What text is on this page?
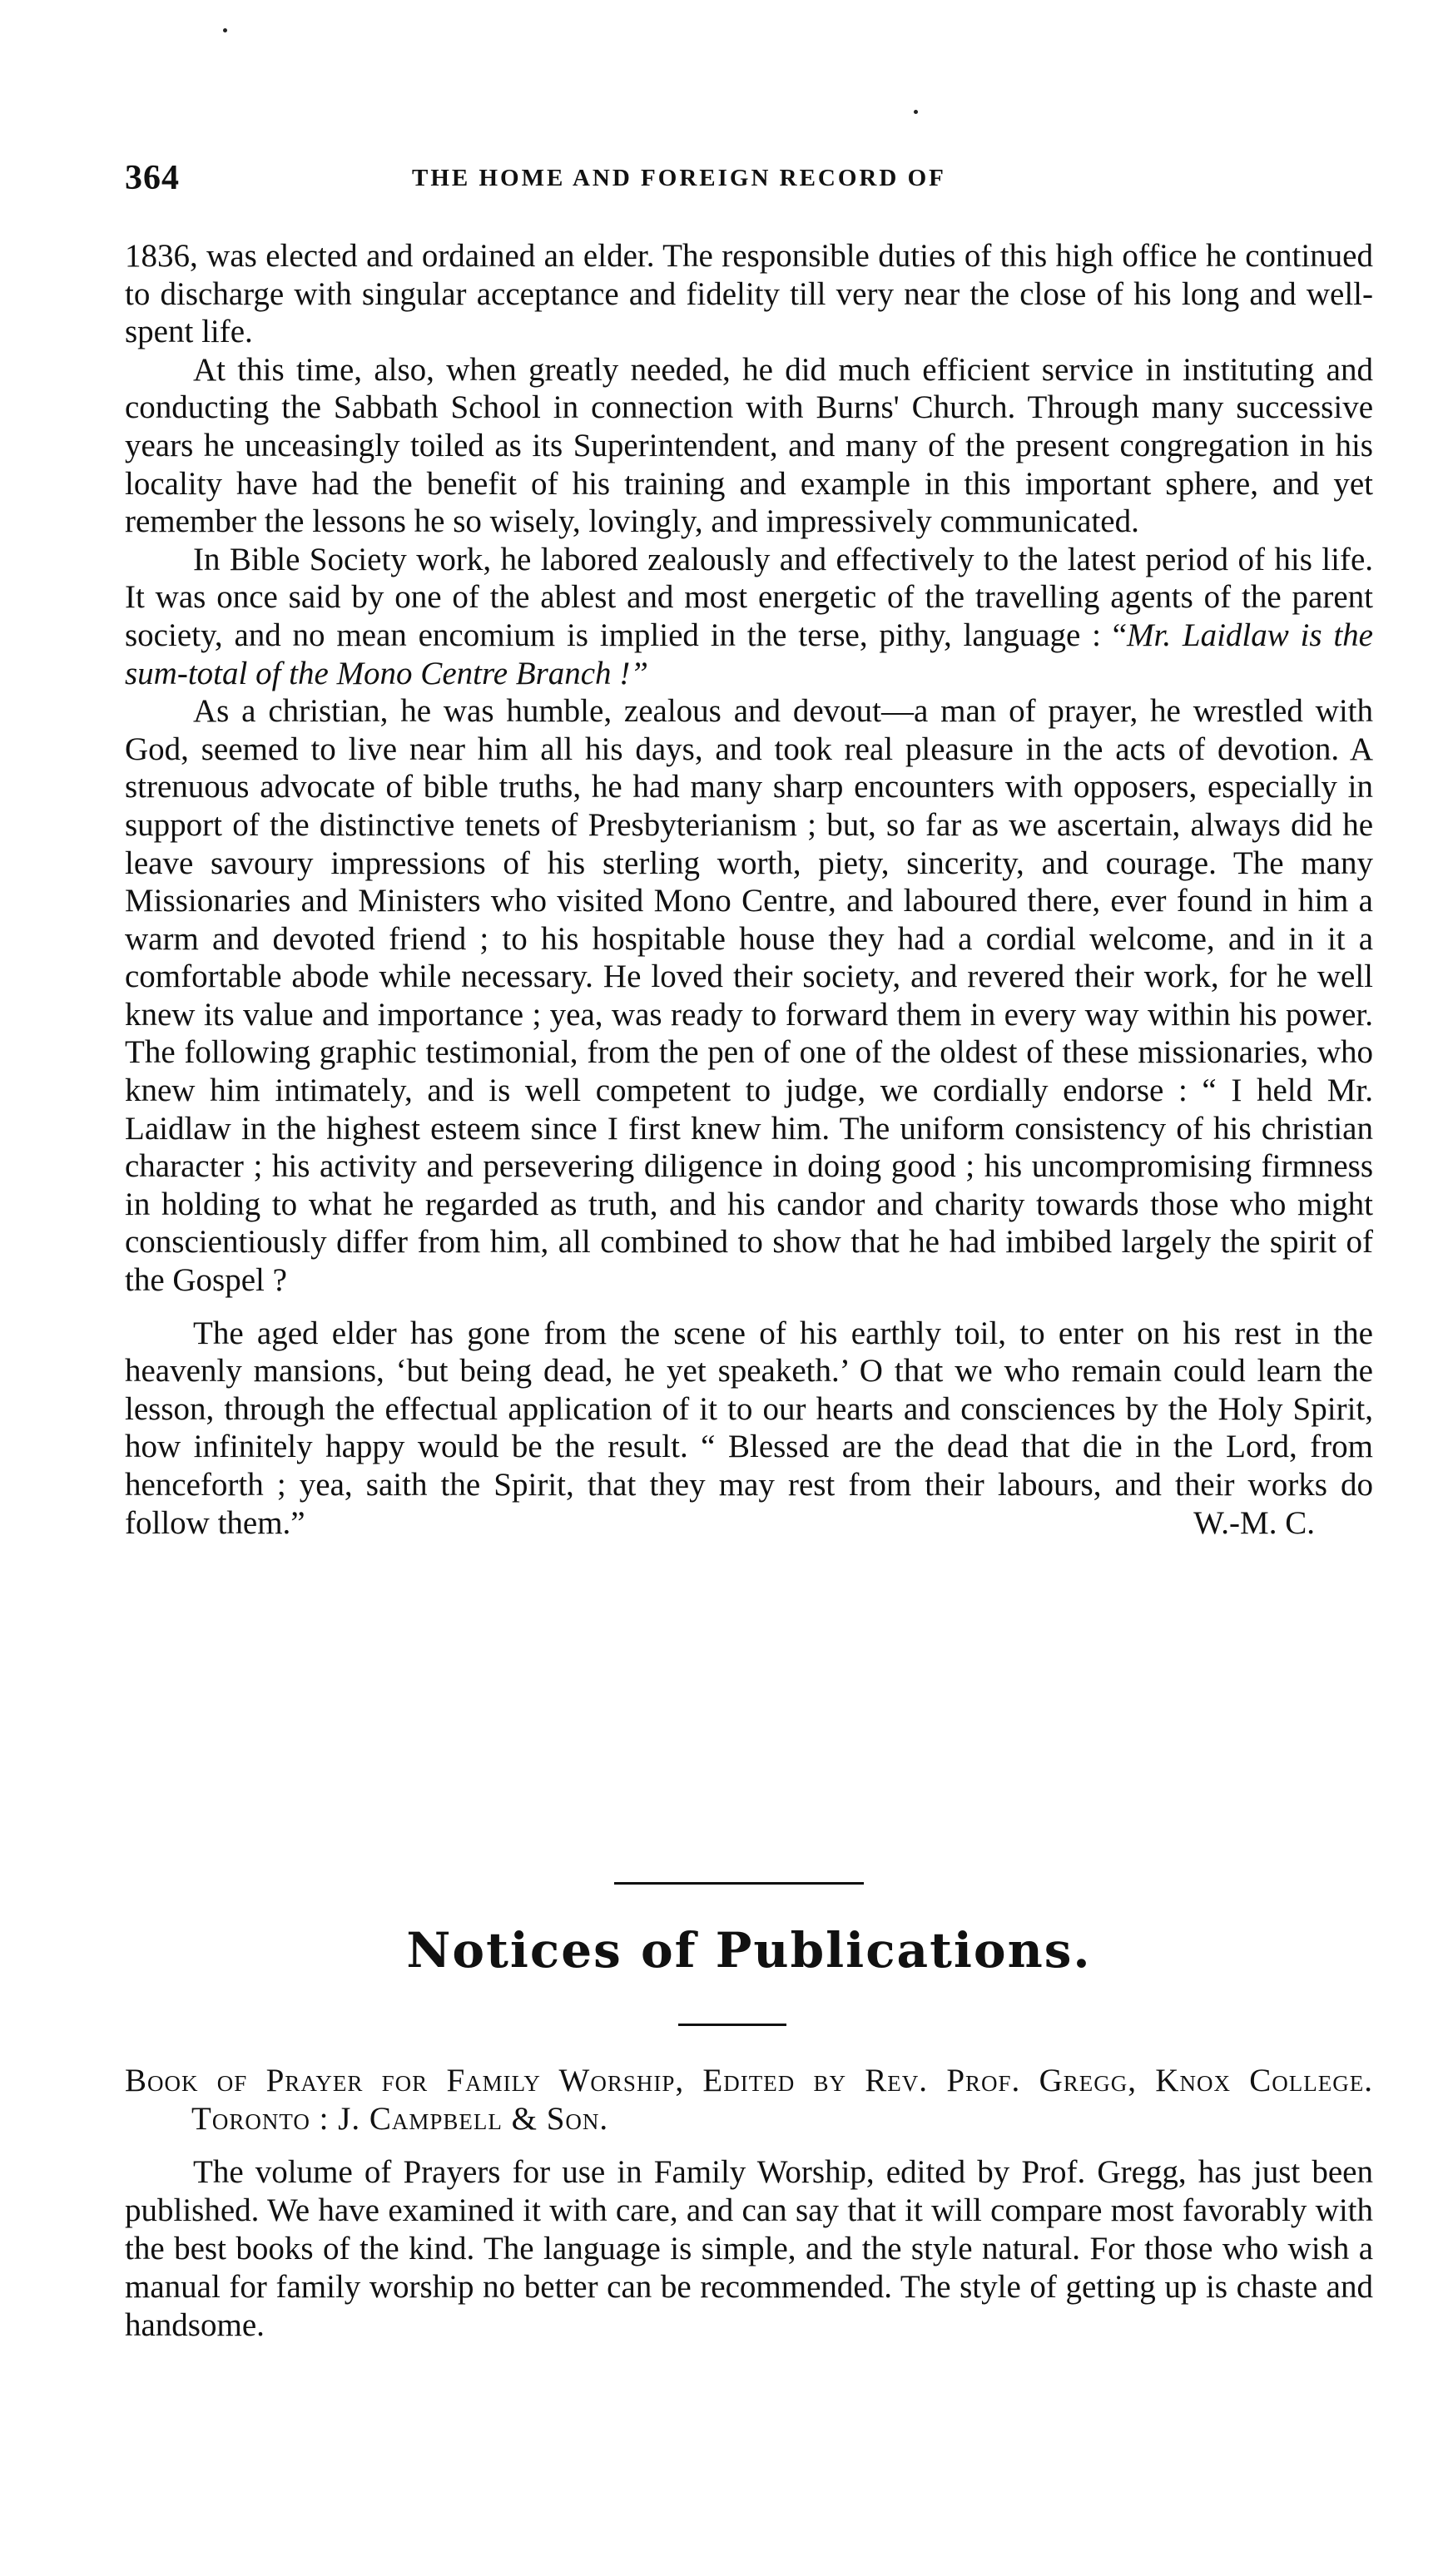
364	THE HOME AND FOREIGN RECORD OF

1836, was elected and ordained an elder. The responsible duties of this high office he continued to discharge with singular acceptance and fidelity till very near the close of his long and well-spent life.

At this time, also, when greatly needed, he did much efficient service in instituting and conducting the Sabbath School in connection with Burns' Church. Through many successive years he unceasingly toiled as its Superintendent, and many of the present congregation in his locality have had the benefit of his training and example in this important sphere, and yet remember the lessons he so wisely, lovingly, and impressively communicated.

In Bible Society work, he labored zealously and effectively to the latest period of his life. It was once said by one of the ablest and most energetic of the travelling agents of the parent society, and no mean encomium is implied in the terse, pithy, language : “Mr. Laidlaw is the sum-total of the Mono Centre Branch !”

As a christian, he was humble, zealous and devout—a man of prayer, he wrestled with God, seemed to live near him all his days, and took real pleasure in the acts of devotion. A strenuous advocate of bible truths, he had many sharp encounters with opposers, especially in support of the distinctive tenets of Presbyterianism ; but, so far as we ascertain, always did he leave savoury impressions of his sterling worth, piety, sincerity, and courage. The many Missionaries and Ministers who visited Mono Centre, and laboured there, ever found in him a warm and devoted friend ; to his hospitable house they had a cordial welcome, and in it a comfortable abode while necessary. He loved their society, and revered their work, for he well knew its value and importance ; yea, was ready to forward them in every way within his power. The following graphic testimonial, from the pen of one of the oldest of these missionaries, who knew him intimately, and is well competent to judge, we cordially endorse : “ I held Mr. Laidlaw in the highest esteem since I first knew him. The uniform consistency of his christian character ; his activity and persevering diligence in doing good ; his uncompromising firmness in holding to what he regarded as truth, and his candor and charity towards those who might conscientiously differ from him, all combined to show that he had imbibed largely the spirit of the Gospel ?

The aged elder has gone from the scene of his earthly toil, to enter on his rest in the heavenly mansions, ‘but being dead, he yet speaketh.’ O that we who remain could learn the lesson, through the effectual application of it to our hearts and consciences by the Holy Spirit, how infinitely happy would be the result. “ Blessed are the dead that die in the Lord, from henceforth ; yea, saith the Spirit, that they may rest from their labours, and their works do follow them.”	W.-M. C.

Notices of Publications.

Book of Prayer for Family Worship, Edited by Rev. Prof. Gregg, Knox College. Toronto : J. Campbell & Son.

The volume of Prayers for use in Family Worship, edited by Prof. Gregg, has just been published. We have examined it with care, and can say that it will compare most favorably with the best books of the kind. The language is simple, and the style natural. For those who wish a manual for family worship no better can be recommended. The style of getting up is chaste and handsome.
